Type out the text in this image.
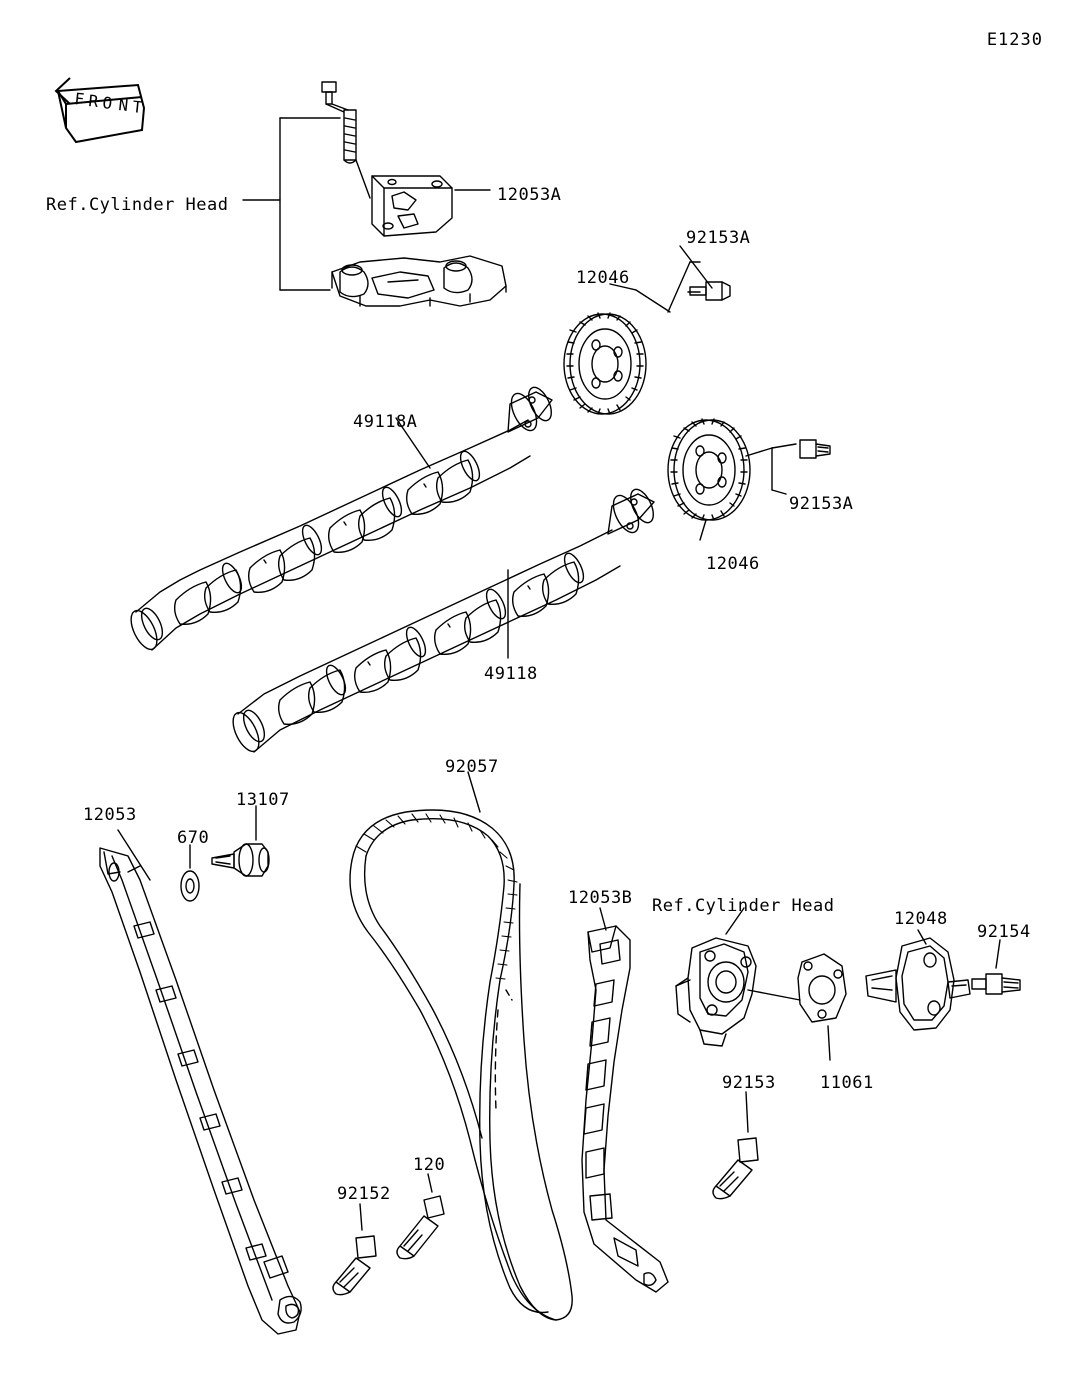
E1230
F R O N T
Ref.Cylinder Head	12053A
92153A
12046
49118A
92153A
12046
49118
92057
13107
12053
670
12053B Ref.Cylinder Head
12048
92154
92153	11061
120
92152
